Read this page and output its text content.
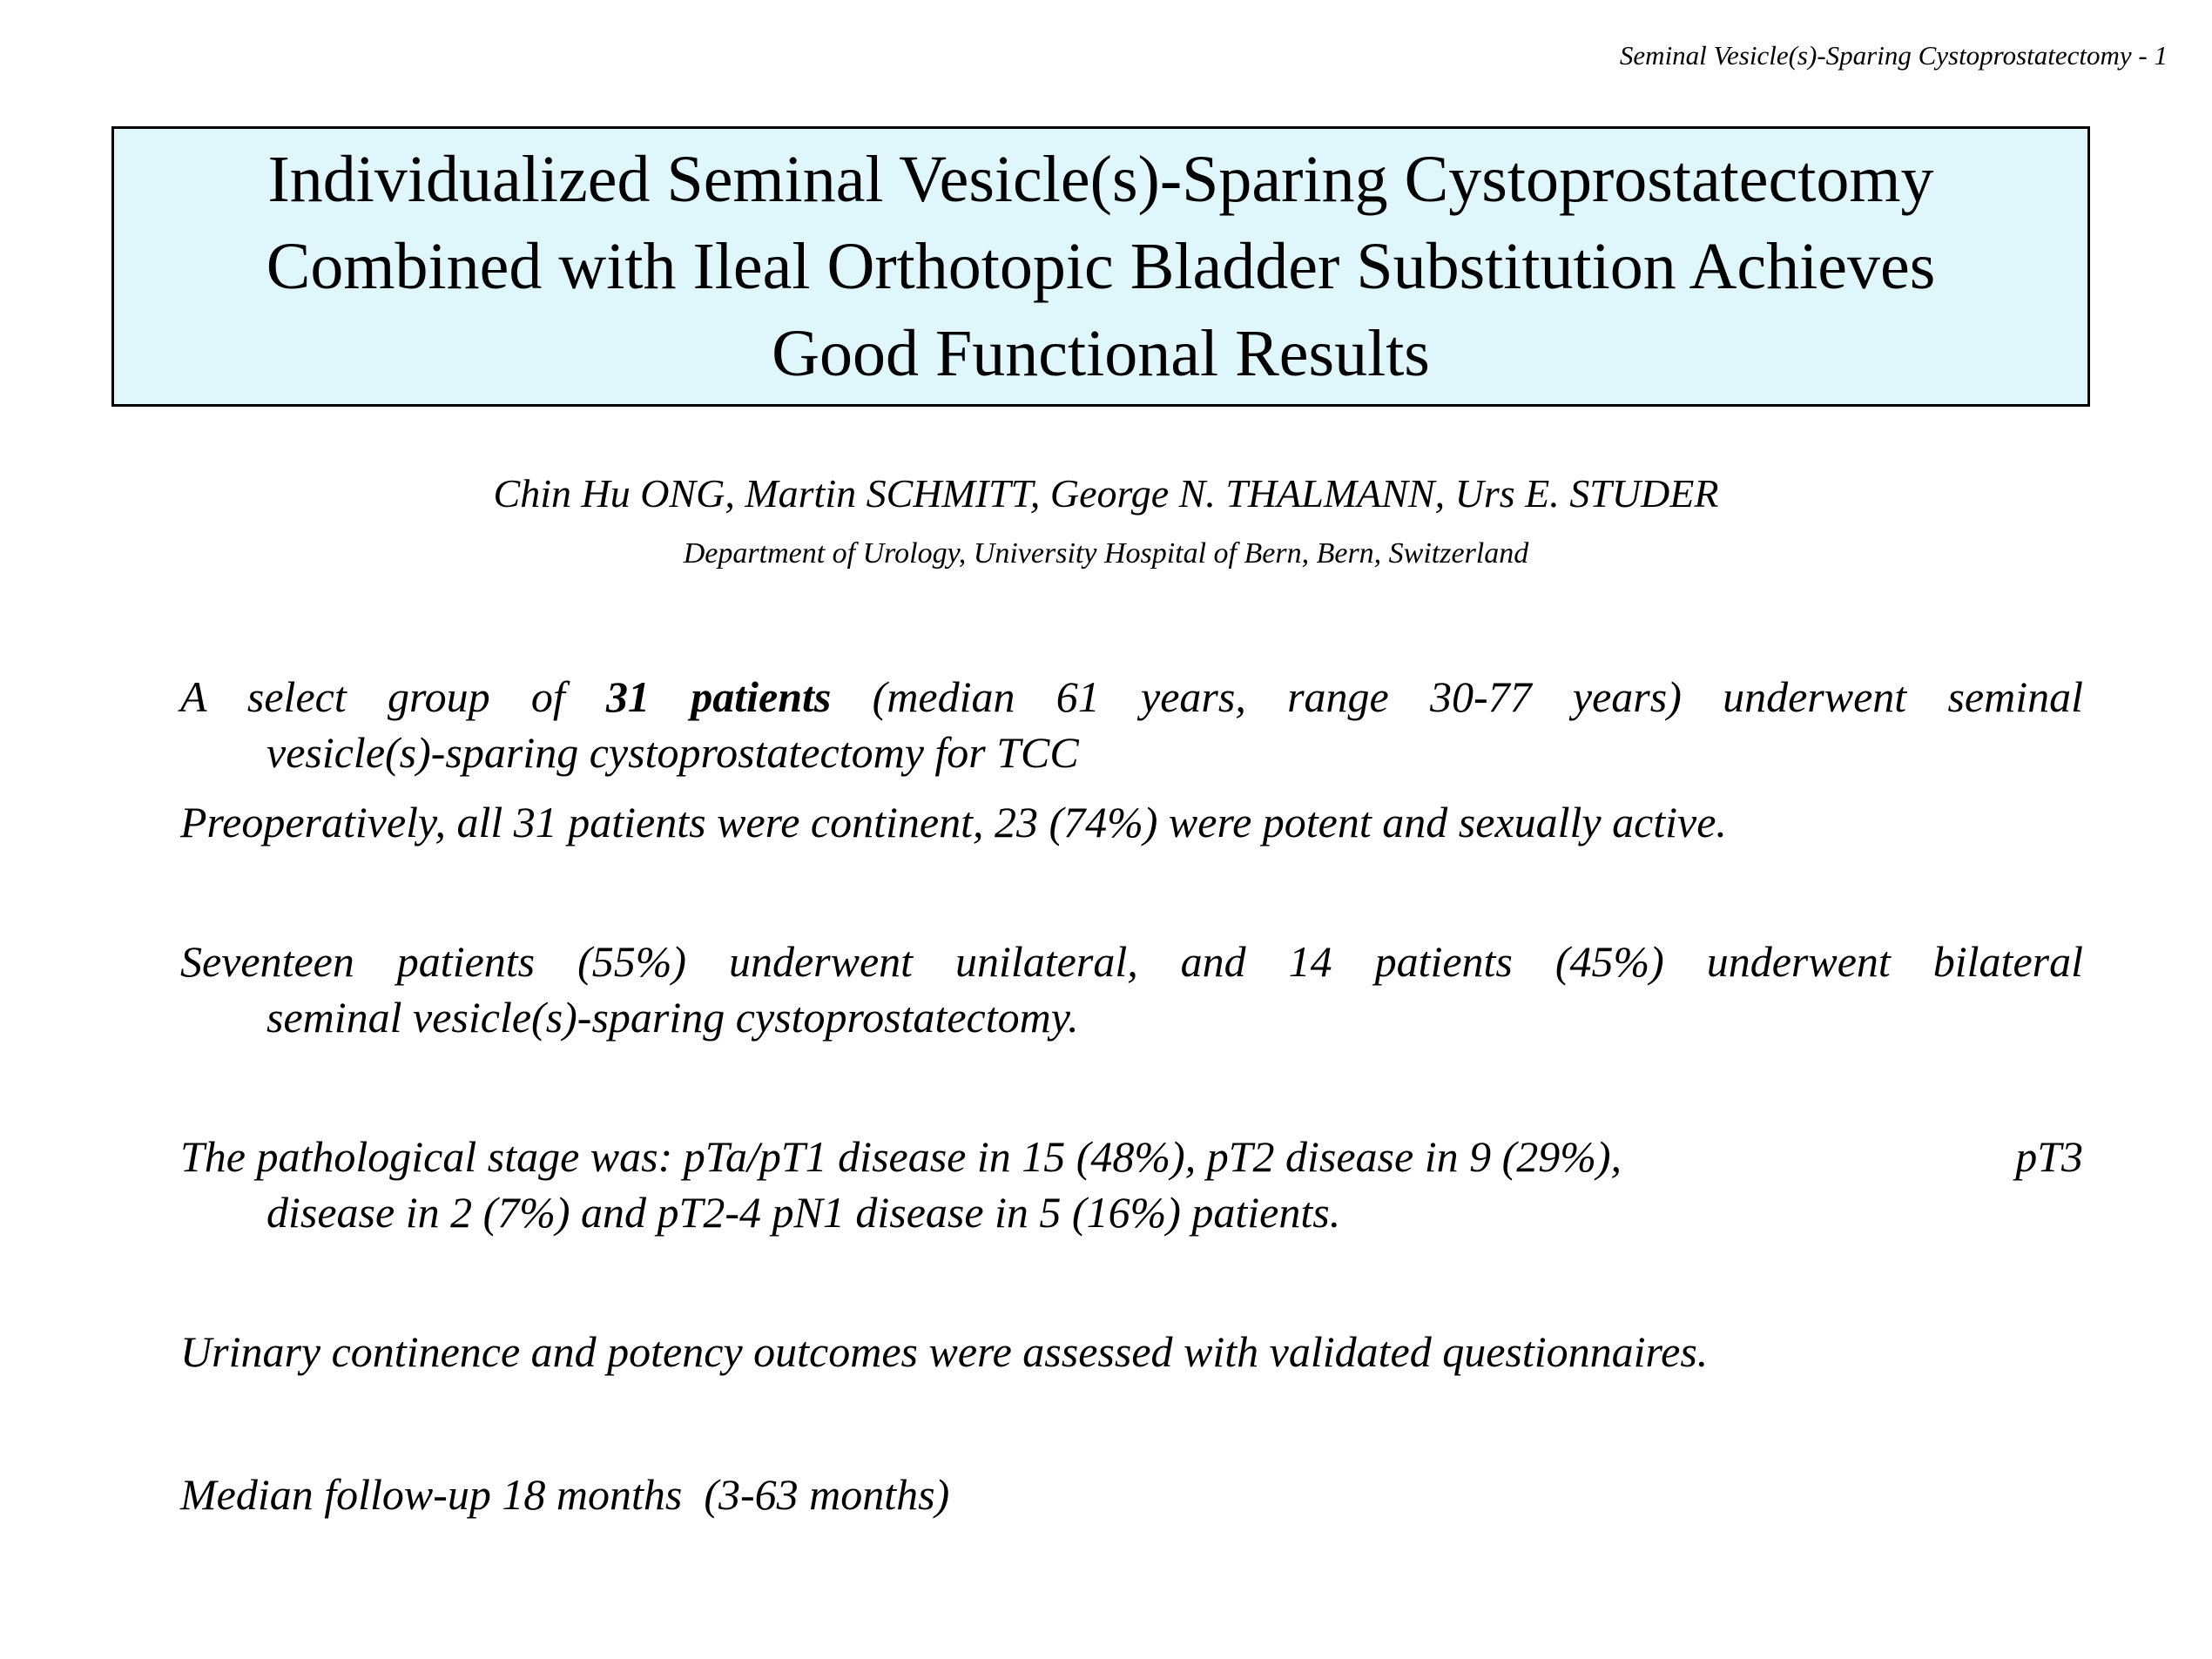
Seminal Vesicle(s)-Sparing Cystoprostatectomy - 1
Individualized Seminal Vesicle(s)-Sparing Cystoprostatectomy
Combined with Ileal Orthotopic Bladder Substitution Achieves
Good Functional Results
Chin Hu ONG, Martin SCHMITT, George N. THALMANN, Urs E. STUDER
Department of Urology, University Hospital of Bern, Bern, Switzerland
A select group of 31 patients (median 61 years, range 30-77 years) underwent seminal
vesicle(s)-sparing cystoprostatectomy for TCC
Preoperatively, all 31 patients were continent, 23 (74%) were potent and sexually active.
Seventeen patients (55%) underwent unilateral, and 14 patients (45%) underwent bilateral
seminal vesicle(s)-sparing cystoprostatectomy.
The pathological stage was: pTa/pT1 disease in 15 (48%), pT2 disease in 9 (29%),	pT3
disease in 2 (7%) and pT2-4 pN1 disease in 5 (16%) patients.
Urinary continence and potency outcomes were assessed with validated questionnaires.
Median follow-up 18 months  (3-63 months)
